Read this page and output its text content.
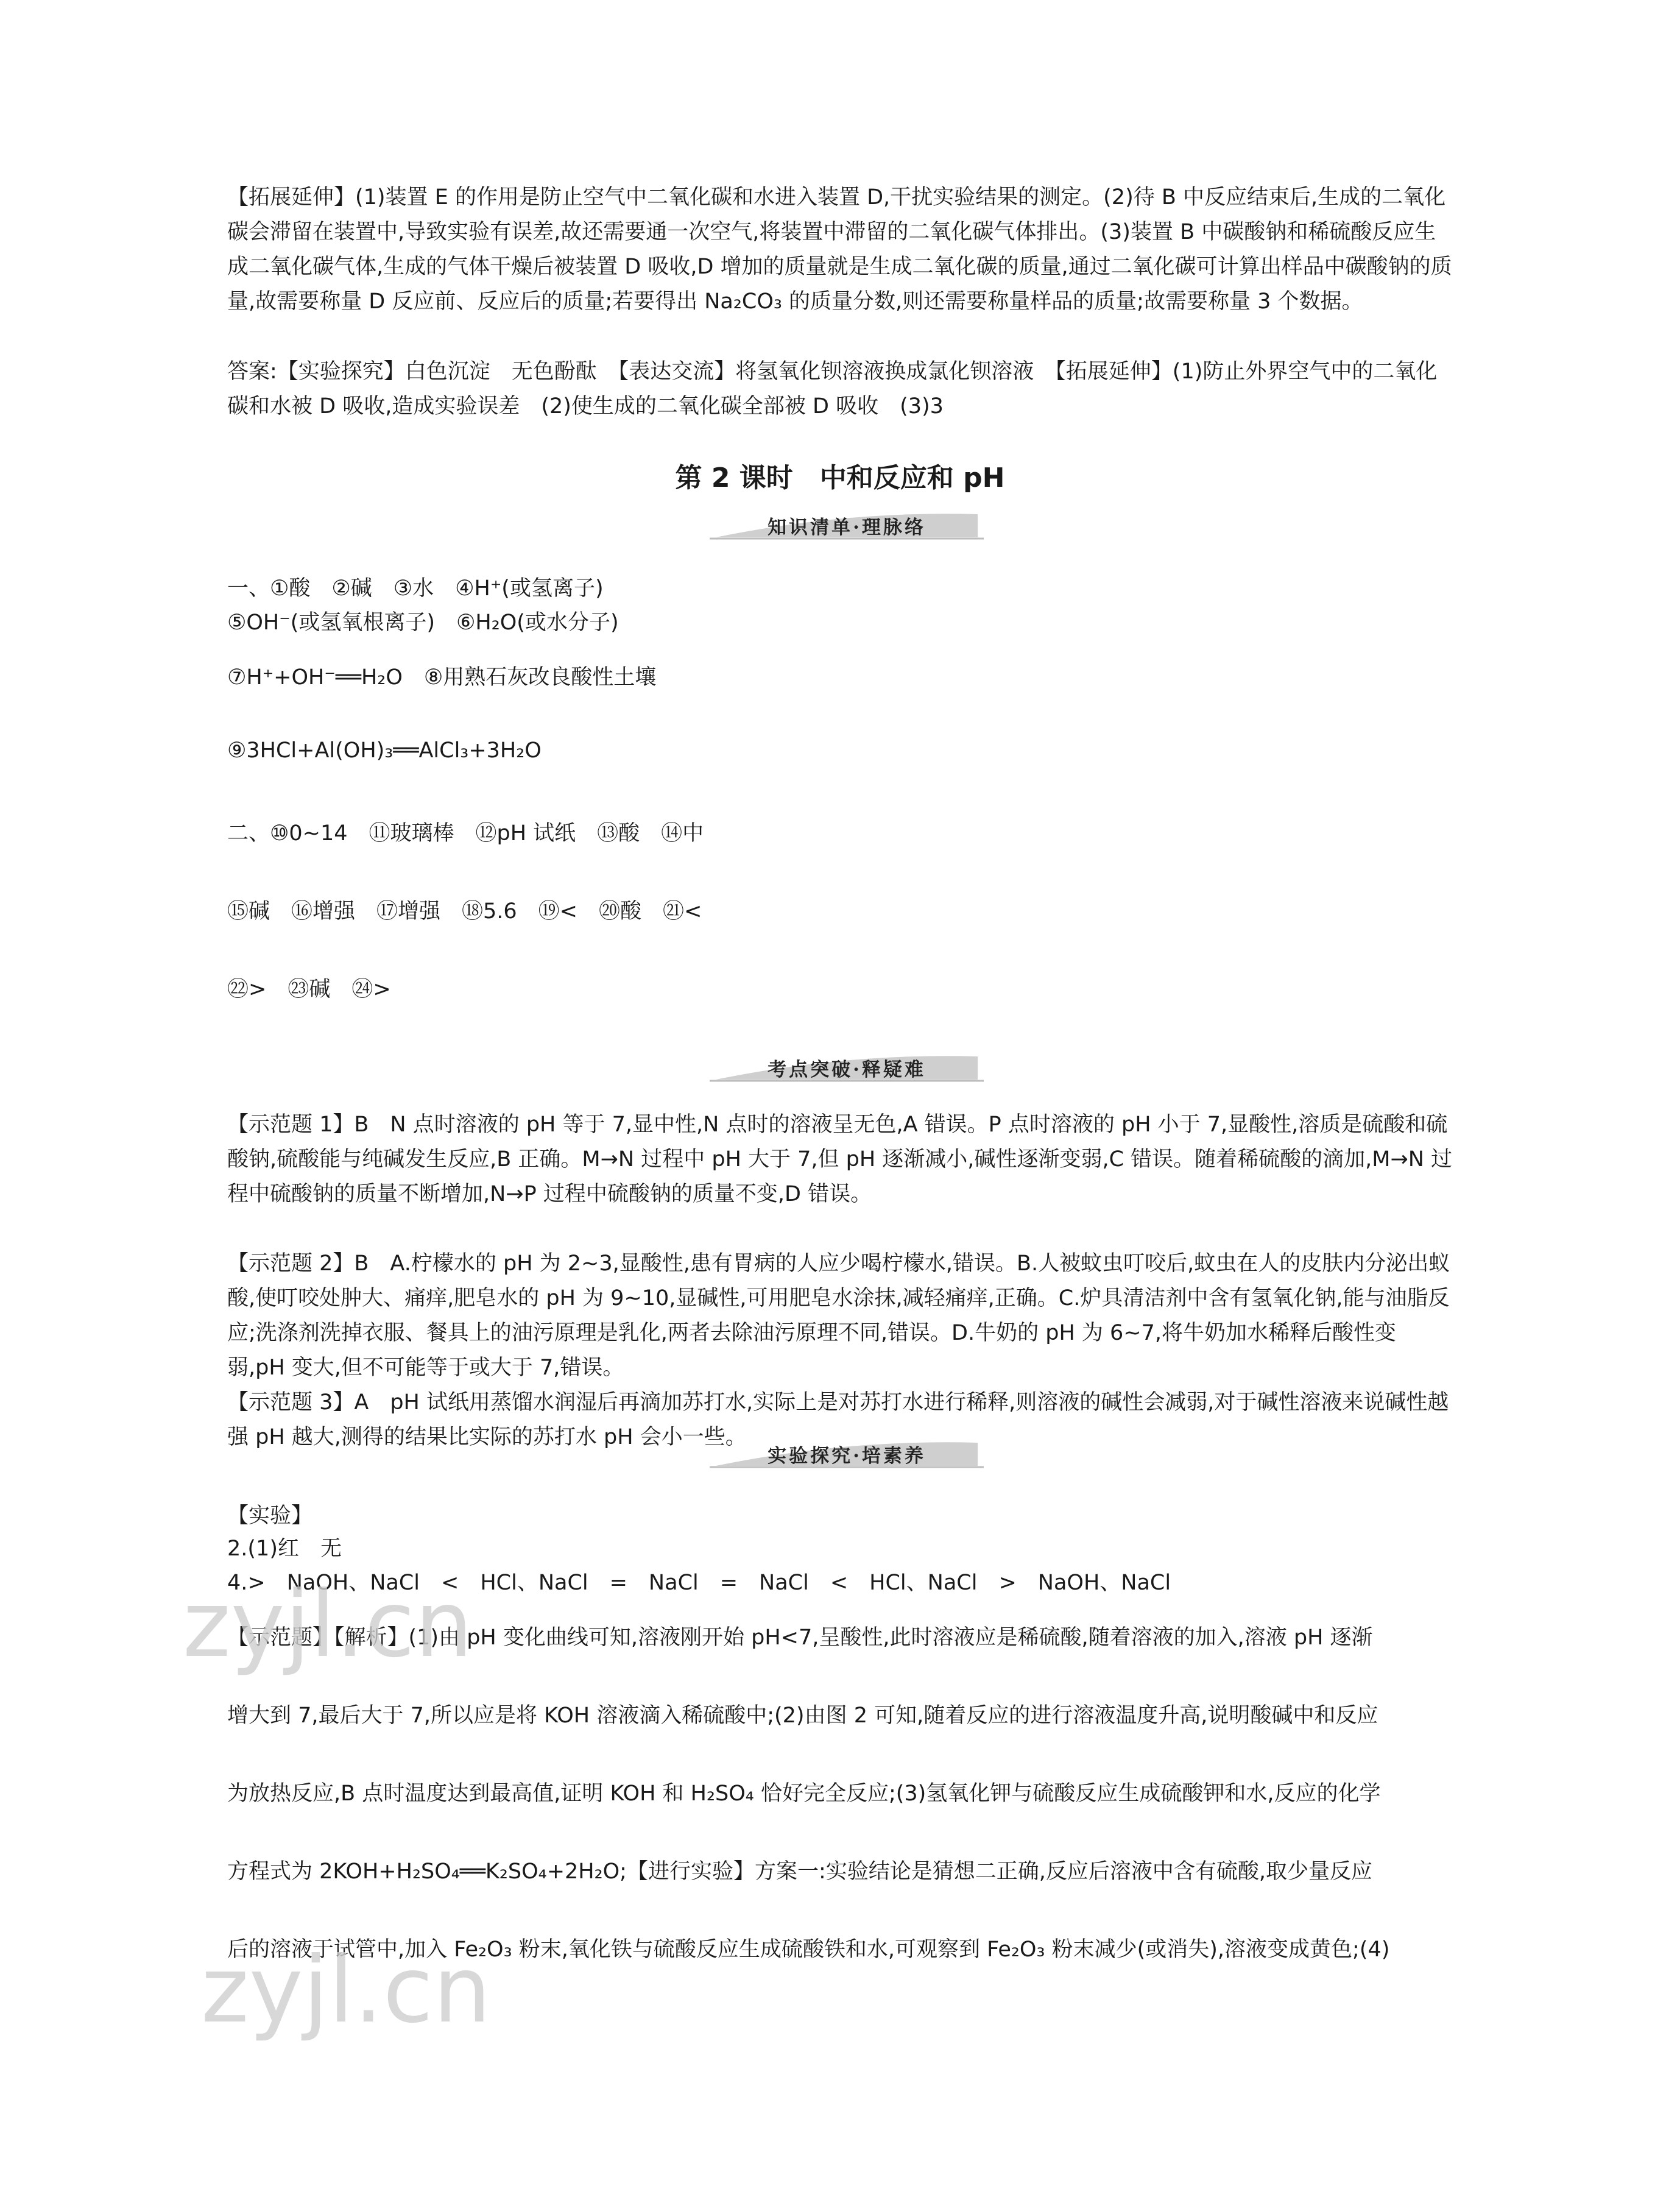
【拓展延伸】(1)装置 E 的作用是防止空气中二氧化碳和水进入装置 D,干扰实验结果的测定。(2)待 B 中反应结束后,生成的二氧化碳会滞留在装置中,导致实验有误差,故还需要通一次空气,将装置中滞留的二氧化碳气体排出。(3)装置 B 中碳酸钠和稀硫酸反应生成二氧化碳气体,生成的气体干燥后被装置 D 吸收,D 增加的质量就是生成二氧化碳的质量,通过二氧化碳可计算出样品中碳酸钠的质量,故需要称量 D 反应前、反应后的质量;若要得出 Na₂CO₃ 的质量分数,则还需要称量样品的质量;故需要称量 3 个数据。

答案:【实验探究】白色沉淀　无色酚酞　【表达交流】将氢氧化钡溶液换成氯化钡溶液　【拓展延伸】(1)防止外界空气中的二氧化碳和水被 D 吸收,造成实验误差　(2)使生成的二氧化碳全部被 D 吸收　(3)3

第 2 课时　中和反应和 pH
知识清单·理脉络

一、①酸　②碱　③水　④H⁺(或氢离子)

⑤OH⁻(或氢氧根离子)　⑥H₂O(或水分子)

⑦H⁺+OH⁻══H₂O　⑧用熟石灰改良酸性土壤

⑨3HCl+Al(OH)₃══AlCl₃+3H₂O

二、⑩0~14　⑪玻璃棒　⑫pH 试纸　⑬酸　⑭中

⑮碱　⑯增强　⑰增强　⑱5.6　⑲<　⑳酸　㉑<

㉒>　㉓碱　㉔>

考点突破·释疑难

【示范题 1】B　N 点时溶液的 pH 等于 7,显中性,N 点时的溶液呈无色,A 错误。P 点时溶液的 pH 小于 7,显酸性,溶质是硫酸和硫酸钠,硫酸能与纯碱发生反应,B 正确。M→N 过程中 pH 大于 7,但 pH 逐渐减小,碱性逐渐变弱,C 错误。随着稀硫酸的滴加,M→N 过程中硫酸钠的质量不断增加,N→P 过程中硫酸钠的质量不变,D 错误。

【示范题 2】B　A.柠檬水的 pH 为 2~3,显酸性,患有胃病的人应少喝柠檬水,错误。B.人被蚊虫叮咬后,蚊虫在人的皮肤内分泌出蚁酸,使叮咬处肿大、痛痒,肥皂水的 pH 为 9~10,显碱性,可用肥皂水涂抹,减轻痛痒,正确。C.炉具清洁剂中含有氢氧化钠,能与油脂反应;洗涤剂洗掉衣服、餐具上的油污原理是乳化,两者去除油污原理不同,错误。D.牛奶的 pH 为 6~7,将牛奶加水稀释后酸性变弱,pH 变大,但不可能等于或大于 7,错误。

【示范题 3】A　pH 试纸用蒸馏水润湿后再滴加苏打水,实际上是对苏打水进行稀释,则溶液的碱性会减弱,对于碱性溶液来说碱性越强 pH 越大,测得的结果比实际的苏打水 pH 会小一些。

实验探究·培素养

【实验】

2.(1)红　无

4.>　NaOH、NaCl　<　HCl、NaCl　=　NaCl　=　NaCl　<　HCl、NaCl　>　NaOH、NaCl

【示范题】【解析】(1)由 pH 变化曲线可知,溶液刚开始 pH<7,呈酸性,此时溶液应是稀硫酸,随着溶液的加入,溶液 pH 逐渐

增大到 7,最后大于 7,所以应是将 KOH 溶液滴入稀硫酸中;(2)由图 2 可知,随着反应的进行溶液温度升高,说明酸碱中和反应

为放热反应,B 点时温度达到最高值,证明 KOH 和 H₂SO₄ 恰好完全反应;(3)氢氧化钾与硫酸反应生成硫酸钾和水,反应的化学

方程式为 2KOH+H₂SO₄══K₂SO₄+2H₂O;【进行实验】方案一:实验结论是猜想二正确,反应后溶液中含有硫酸,取少量反应

后的溶液于试管中,加入 Fe₂O₃ 粉末,氧化铁与硫酸反应生成硫酸铁和水,可观察到 Fe₂O₃ 粉末减少(或消失),溶液变成黄色;(4)

zyjl.cn
zyjl.cn
